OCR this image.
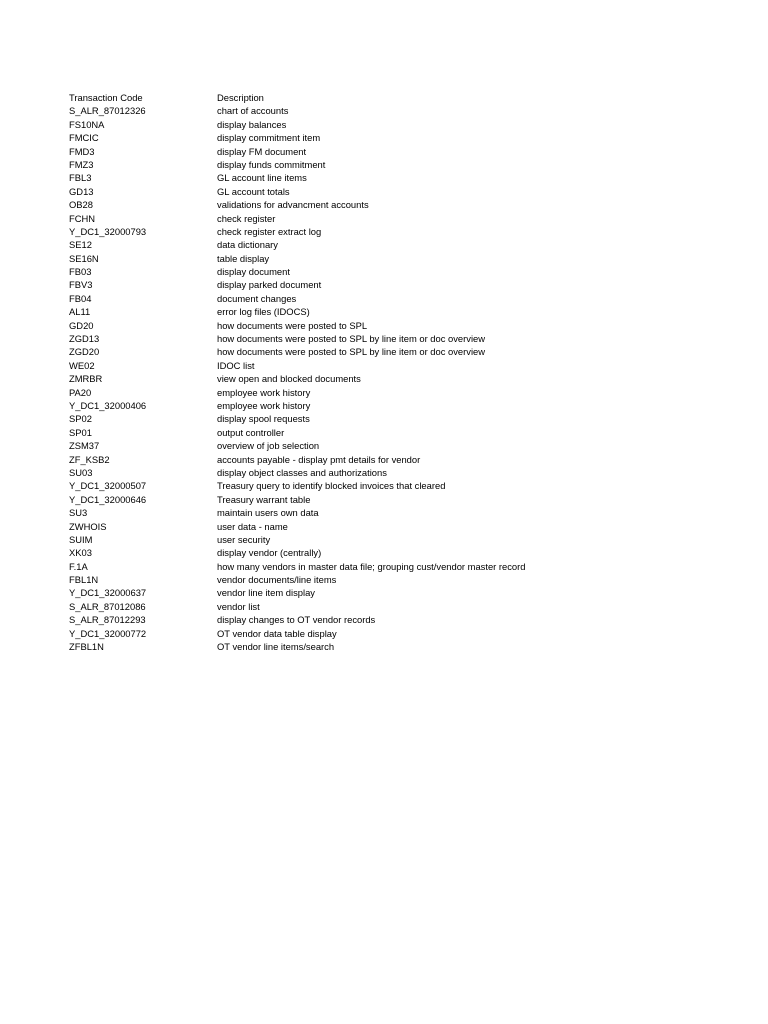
Transaction Code	Description
S_ALR_87012326	chart of accounts
FS10NA	display balances
FMCIC	display commitment item
FMD3	display FM document
FMZ3	display funds commitment
FBL3	GL account line items
GD13	GL account totals
OB28	validations for advancment accounts
FCHN	check register
Y_DC1_32000793	check register extract log
SE12	data dictionary
SE16N	table display
FB03	display document
FBV3	display parked document
FB04	document changes
AL11	error log files (IDOCS)
GD20	how documents were posted to SPL
ZGD13	how documents were posted to SPL by line item or doc overview
ZGD20	how documents were posted to SPL by line item or doc overview
WE02	IDOC list
ZMRBR	view open and blocked documents
PA20	employee work history
Y_DC1_32000406	employee work history
SP02	display spool requests
SP01	output controller
ZSM37	overview of job selection
ZF_KSB2	accounts payable - display pmt details for vendor
SU03	display object classes and authorizations
Y_DC1_32000507	Treasury query to identify blocked invoices that cleared
Y_DC1_32000646	Treasury warrant table
SU3	maintain users own data
ZWHOIS	user data - name
SUIM	user security
XK03	display vendor (centrally)
F.1A	how many vendors in master data file; grouping cust/vendor master record
FBL1N	vendor documents/line items
Y_DC1_32000637	vendor line item display
S_ALR_87012086	vendor list
S_ALR_87012293	display changes to OT vendor records
Y_DC1_32000772	OT vendor data table display
ZFBL1N	OT vendor line items/search
